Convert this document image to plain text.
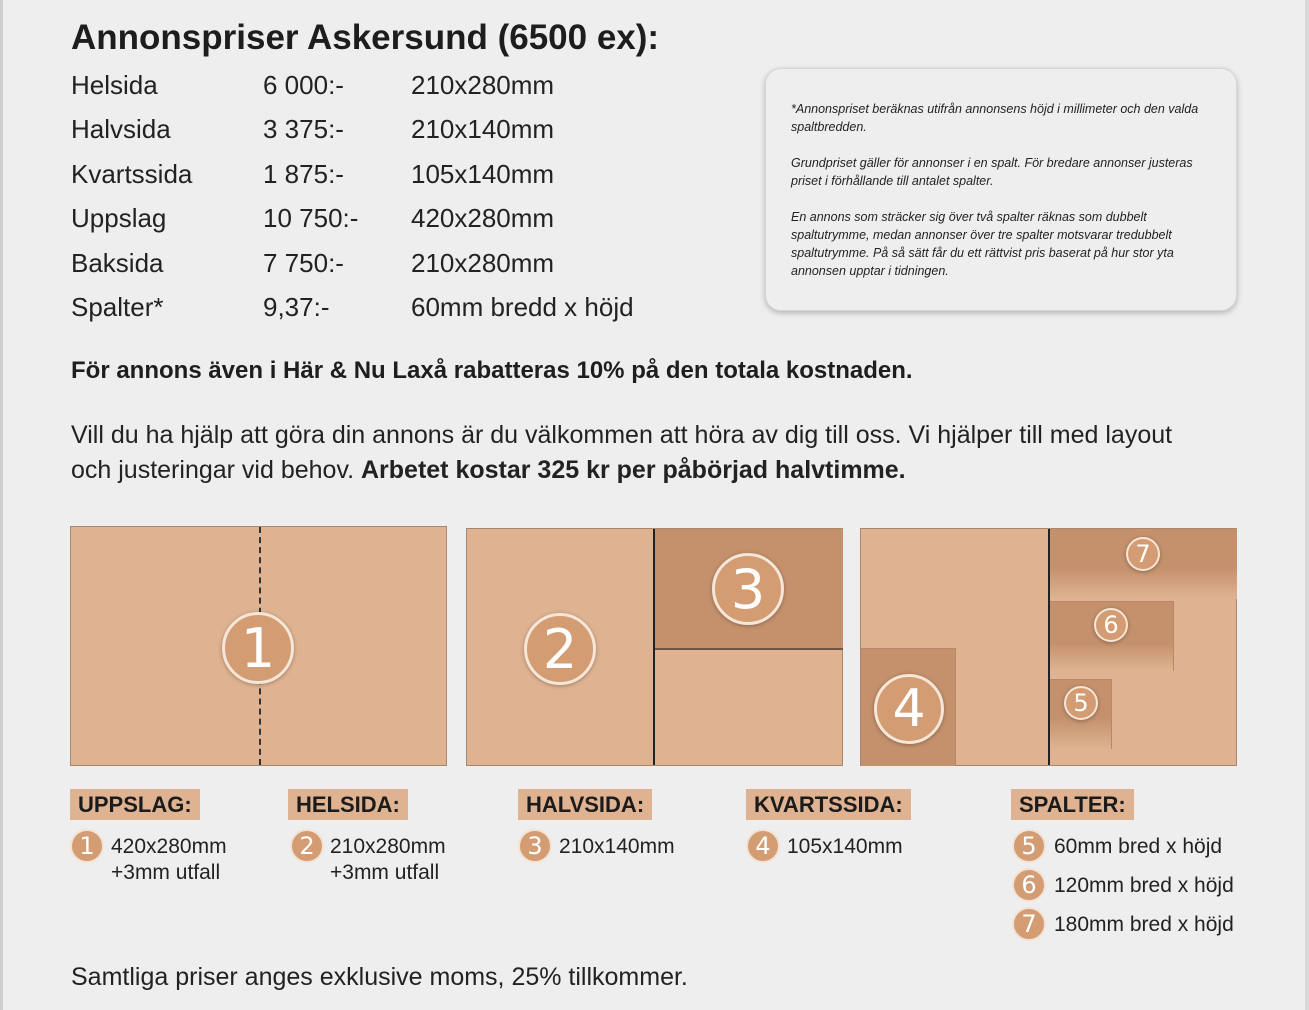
Annonspriser Askersund (6500 ex):
Helsida	6 000:-	210x280mm
Halvsida	3 375:-	210x140mm
Kvartssida	1 875:-	105x140mm
Uppslag	10 750:- 420x280mm
Baksida	7 750:-	210x280mm
Spalter*	9,37:-	60mm bredd x höjd

*Annonspriset beräknas utifrån annonsens höjd i millimeter och den valda spaltbredden.

Grundpriset gäller för annonser i en spalt. För bredare annonser justeras priset i förhållande till antalet spalter.

En annons som sträcker sig över två spalter räknas som dubbelt spaltutrymme, medan annonser över tre spalter motsvarar tredubbelt spaltutrymme. På så sätt får du ett rättvist pris baserat på hur stor yta annonsen upptar i tidningen.

För annons även i Här & Nu Laxå rabatteras 10% på den totala kostnaden.

Vill du ha hjälp att göra din annons är du välkommen att höra av dig till oss. Vi hjälper till med layout och justeringar vid behov. Arbetet kostar 325 kr per påbörjad halvtimme.

1	2
3
4
7
6
5
UPPSLAG:
1 420x280mm
+3mm utfall
HELSIDA:
2 210x280mm
+3mm utfall
HALVSIDA:
3 210x140mm
KVARTSSIDA:
4 105x140mm
SPALTER:
5 60mm bred x höjd
6 120mm bred x höjd
7 180mm bred x höjd

Samtliga priser anges exklusive moms, 25% tillkommer.
